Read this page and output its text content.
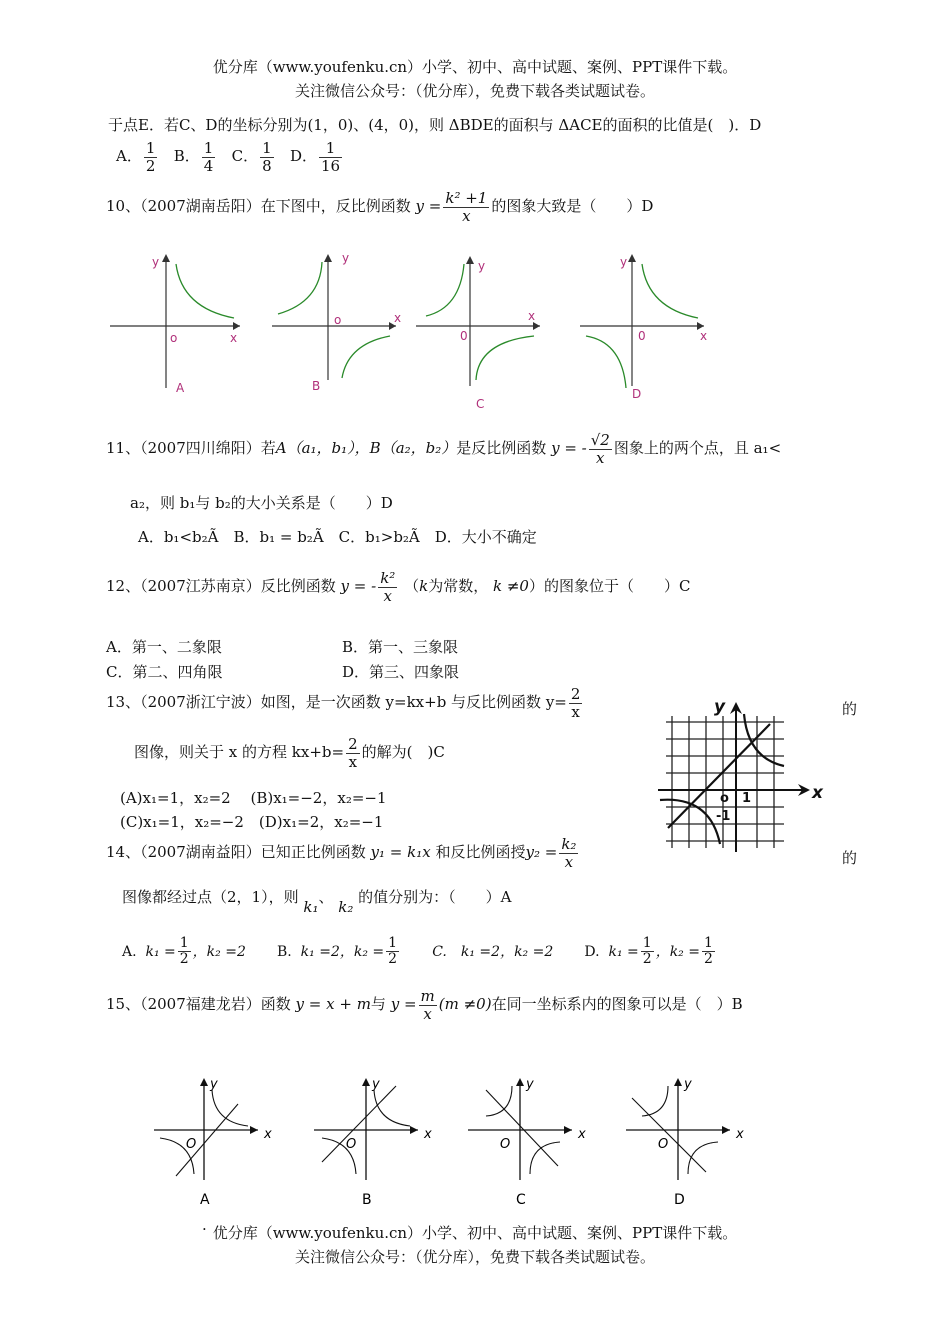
优分库（www.youfenku.cn）小学、初中、高中试题、案例、PPT课件下载。
关注微信公众号：（优分库），免费下载各类试题试卷。
于点E．若C、D的坐标分别为(1，0)、(4，0)，则 ΔBDE的面积与 ΔACE的面积的比值是(　)．D
A． $\frac{1}{2}$ B． $\frac{1}{4}$ C． $\frac{1}{8}$ D． $\frac{1}{16}$
10、（2007湖南岳阳）在下图中，反比例函数 $y = \frac{\text{k² +1}}{x}$ 的图象大致是（　　）D
y
x
o
A
y
x
o
B
y
x
0
C
y
x
0
D
11、（2007四川绵阳）若A（a₁，b₁），B（a₂，b₂）是反比例函数 y = - $\frac{√2}{x}$ 图象上的两个点，且 a₁<
a₂，则 b₁与 b₂的大小关系是（　　）D
A．b₁<b₂Ã　B．b₁ = b₂Ã　C．b₁>b₂Ã　D．大小不确定
12、（2007江苏南京）反比例函数 y = - $\frac{\text{k²}}{x} (k$为常数， k ≠0）的图象位于（　　）C
A．第一、二象限	B．第一、三象限
C．第二、四角限	D．第三、四象限
13、（2007浙江宁波）如图，是一次函数 y=kx+b 与反比例函数 $y= \frac{2}{x}$	的
图像，则关于 x 的方程 $kx+b= \frac{2}{x}$ 的解为(　)C
(A)x₁=1，x₂=2　 (B)x₁=−2，x₂=−1
(C)x₁=1，x₂=−2　(D)x₁=2，x₂=−1
y
x
o 1
-1
14、（2007湖南益阳）已知正比例函数 y₁ = k₁x 和反比例函授$y_2 = \frac{\text{k₂}}{x}$	的
图像都经过点（2，1），则 k₁、 k₂ 的值分别为：（　　）A
A. $k_1 = \frac{1}{2}$ ，k₂ =2 B. k₁ =2，$k_2 = \frac{1}{2} C$.　k₁ =2，k₂ =2 D. $k_1 = \frac{1}{2}$ ，$k_2 = \frac{1}{2}$
15、（2007福建龙岩）函数 y = x + m与 $y = \frac{m}{x} (m \ne 0)$在同一坐标系内的图象可以是（　）B
y
x
O
A
y
x
O
B
y
x
O
C
y
x
O
D
· 优分库（www.youfenku.cn）小学、初中、高中试题、案例、PPT课件下载。
关注微信公众号：（优分库），免费下载各类试题试卷。
